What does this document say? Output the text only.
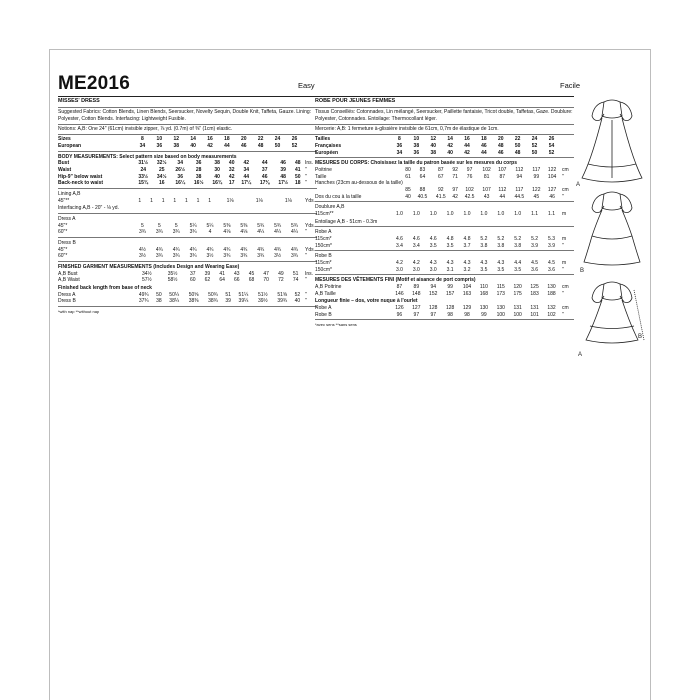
ME2016	Easy	Facile
MISSES' DRESS
Suggested Fabrics: Cotton Blends, Linen Blends, Seersucker, Novelty Sequin, Double Knit, Taffeta, Gauze. Lining: Polyester, Cotton Blends. Interfacing: Lightweight Fusible.
Notions: A,B: One 24" (61cm) invisible zipper, ⅞ yd. (0.7m) of ⅜" (1cm) elastic.
Sizes	8	10	12	14	16	18	20	22	24	26	
European	34	36	38	40	42	44	46	48	50	52	
BODY MEASUREMENTS: Select pattern size based on body measurements
Bust	31½	32½	34	36	38	40	42	44	46	48	Ins.
Waist	24	25	26½	28	30	32	34	37	39	41	"
Hip-9" below waist	33½	34½	36	38	40	42	44	46	48	50	"
Back-neck to waist	15¾	16	16¼	16½	16¾	17	17¼	17⅜	17½	18	"
Lining A,B
45"**	1	1	1	1	1	1	1	1⅛	1⅛	1⅛	Yds.
Interfacing A,B - 20" - ⅛ yd.
Dress A
45"*	5	5	5	5¼	5¼	5⅜	5⅜	5¾	5¾	5¾	Yds.
60"*	3¾	3¾	3¾	3¾	4	4⅛	4⅛	4¼	4¼	4¼	"
Dress B
45"*	4½	4¾	4¾	4¾	4¾	4¾	4¾	4¾	4¾	4¾	Yds.
60"*	3½	3¾	3¾	3¾	3½	3¾	3¾	3¾	3½	3¾	"
FINISHED GARMENT MEASUREMENTS (Includes Design and Wearing Ease)
A,B Bust	34½	35½	37	39	41	43	45	47	49	51	Ins.
A,B Waist	57½	58½	60	62	64	66	68	70	72	74	"
Finished back length from base of neck
Dress A	49¾	50	50¼	50⅝	50¾	51	51¼	51½	51⅝	52	"
Dress B	37¾	38	38¼	38⅜	38¾	39	39¼	39½	39¾	40	"
*with nap **without nap
ROBE POUR JEUNES FEMMES
Tissus Conseillés: Cotonnades, Lin mélangé, Seersucker, Paillette fantaisie, Tricot double, Taffetas, Gaze. Doublure: Polyester, Cotonnades. Entoilage: Thermocollant léger.
Mercerie: A,B: 1 fermeture à-glissière invisible de 61cm, 0,7m de élastique de 1cm.
Tailles	8	10	12	14	16	18	20	22	24	26	
Françaises	36	38	40	42	44	46	48	50	52	54	
Européen	34	36	38	40	42	44	46	48	50	52	
MESURES DU CORPS: Choisissez la taille du patron basée sur les mesures du corps
Poitrine	80	83	87	92	97	102	107	112	117	122	cm
Taille	61	64	67	71	76	81	87	94	99	104	"
Hanches (23cm au-dessous de la taille)											
	85	88	92	97	102	107	112	117	122	127	cm
Dos du cou à la taille	40	40.5	41.5	42	42.5	43	44	44.5	45	46	"
Doublure A,B
115cm**	1.0	1.0	1.0	1.0	1.0	1.0	1.0	1.0	1.1	1.1	m
Entoilage A,B - 51cm - 0.3m
Robe A
115cm*	4.6	4.6	4.6	4.8	4.8	5.2	5.2	5.2	5.2	5.3	m
150cm*	3.4	3.4	3.5	3.5	3.7	3.8	3.8	3.8	3.9	3.9	"
Robe B
115cm*	4.2	4.2	4.3	4.3	4.3	4.3	4.3	4.4	4.5	4.5	m
150cm*	3.0	3.0	3.0	3.1	3.2	3.5	3.5	3.5	3.6	3.6	"
MESURES DES VÊTEMENTS FINI (Motif et aisance de port compris)
A,B Poitrine	87	89	94	99	104	110	115	120	125	130	cm
A,B Taille	146	148	152	157	163	168	173	175	183	188	"
Longueur finie – dos, votre nuque à l'ourlet
Robe A	126	127	128	128	129	130	130	131	131	132	cm
Robe B	96	97	97	98	98	99	100	100	101	102	"
*avec sens **sans sens
A
B
A
B
